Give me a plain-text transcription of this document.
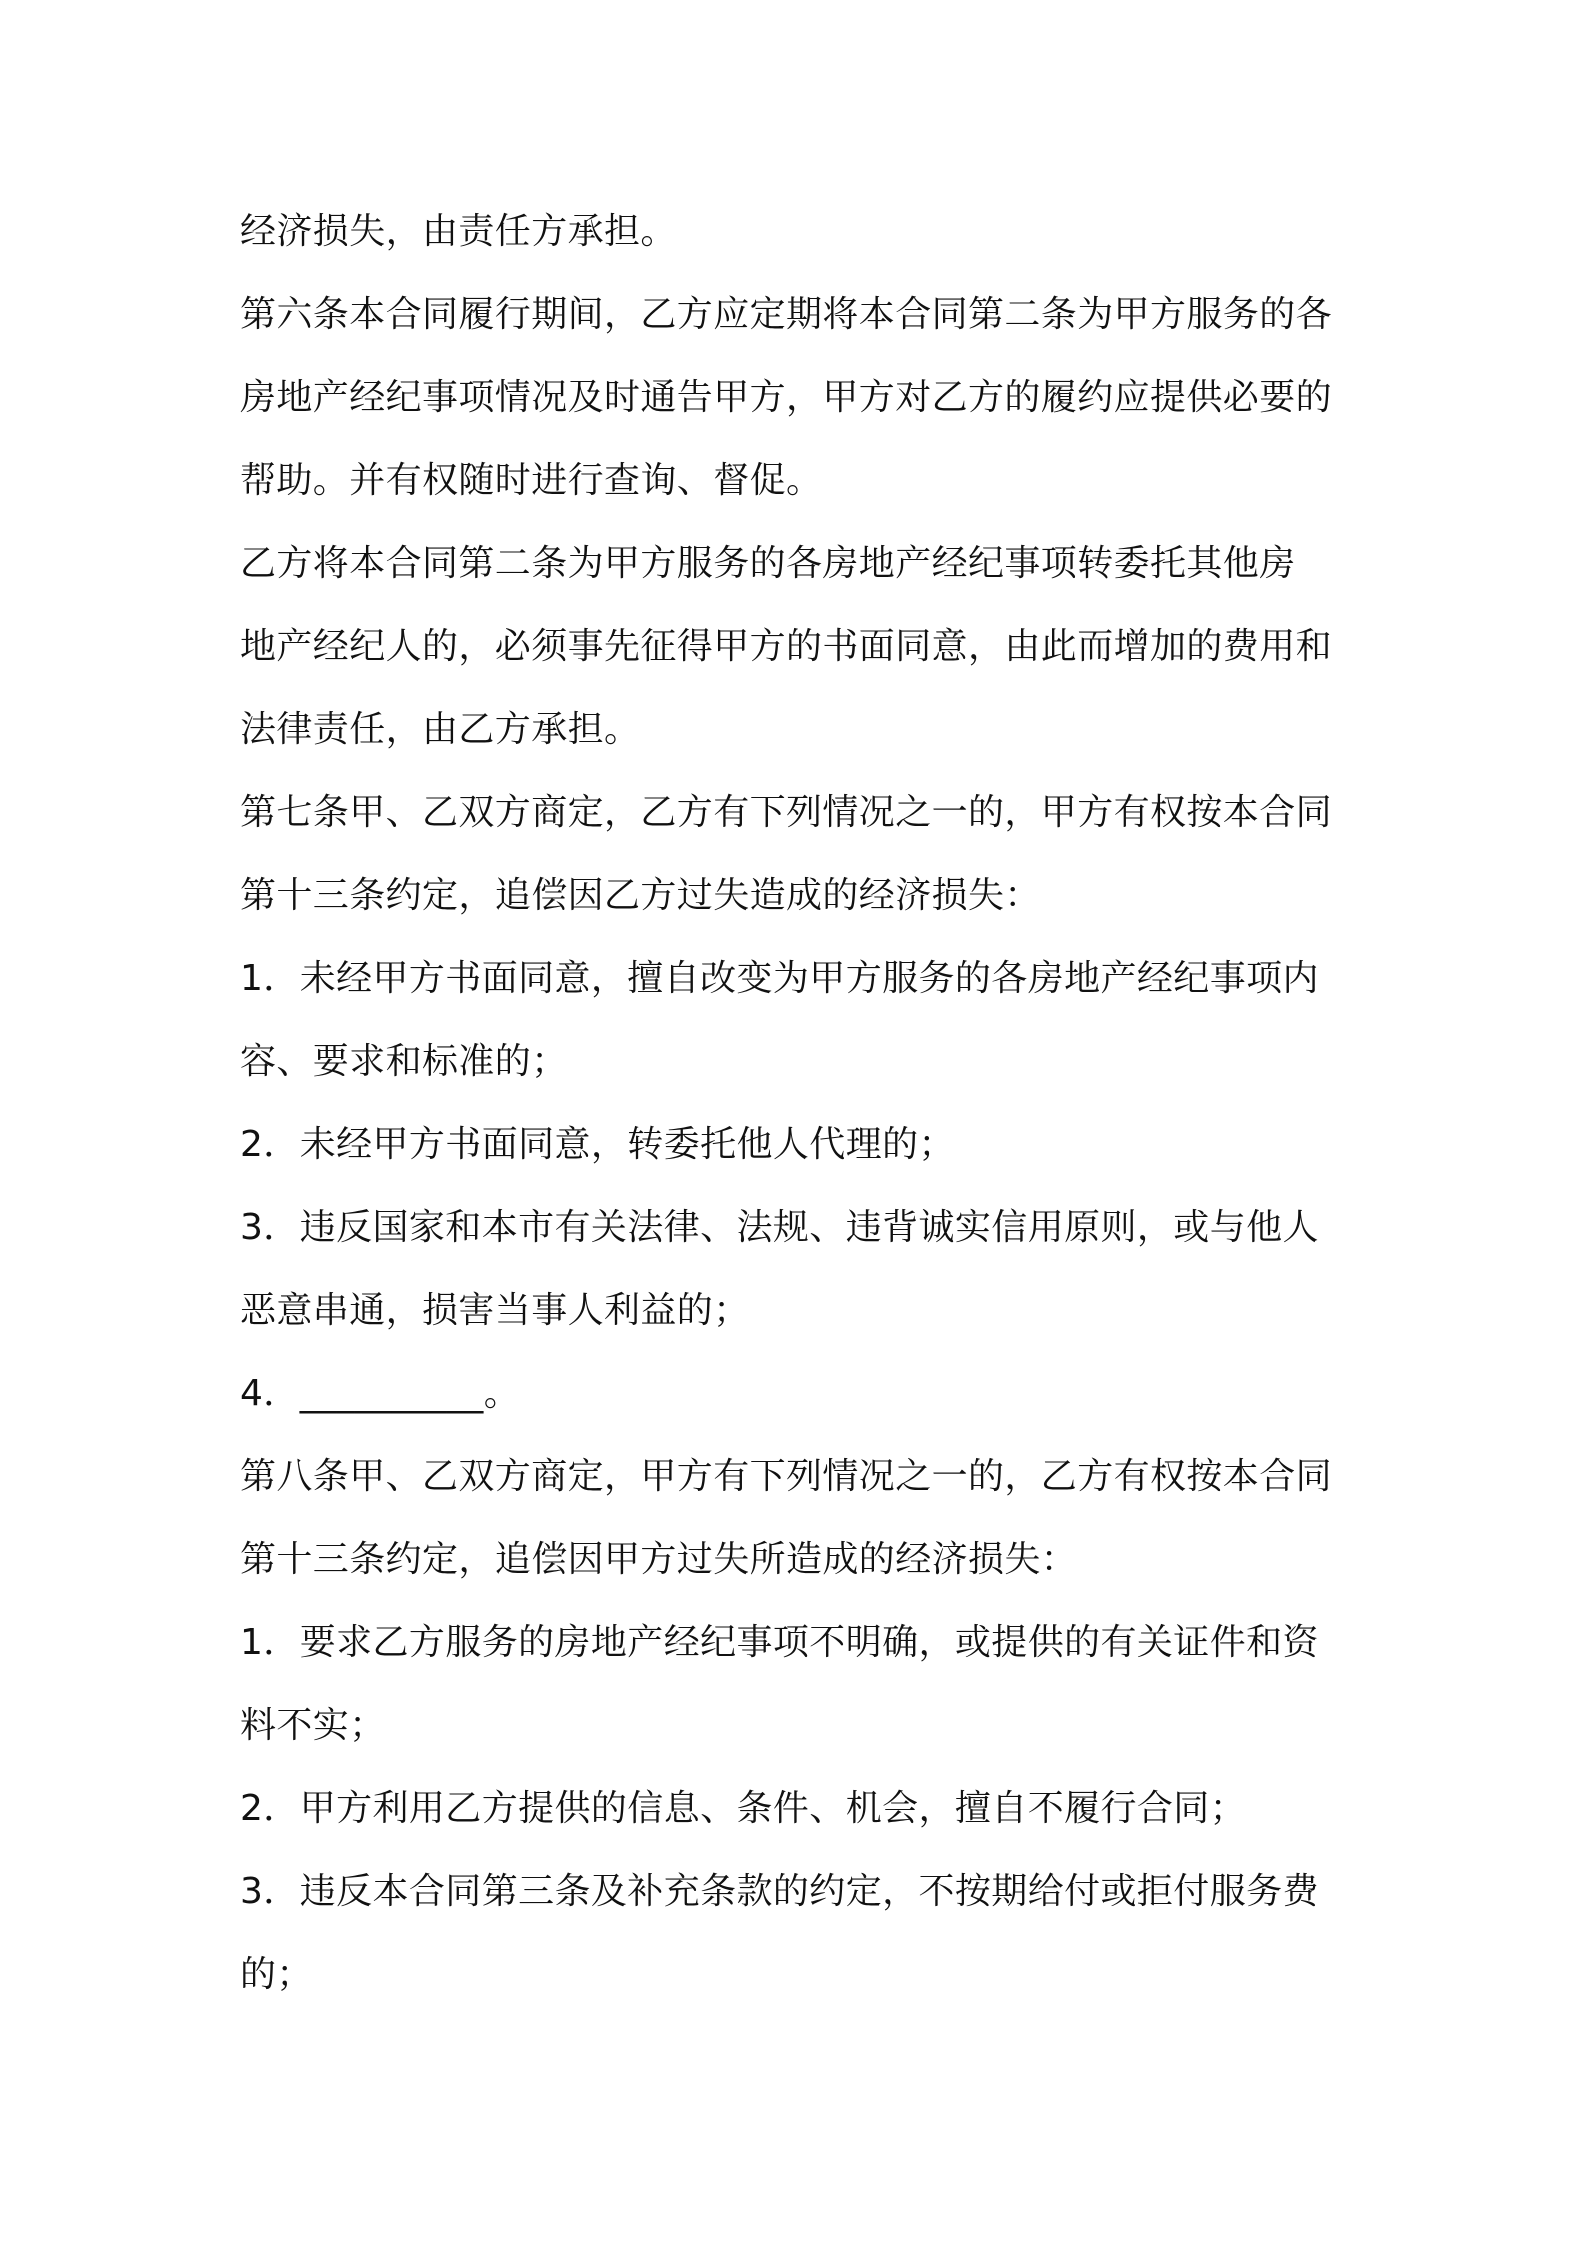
经济损失，由责任方承担。
第六条本合同履行期间，乙方应定期将本合同第二条为甲方服务的各
房地产经纪事项情况及时通告甲方，甲方对乙方的履约应提供必要的
帮助。并有权随时进行查询、督促。
乙方将本合同第二条为甲方服务的各房地产经纪事项转委托其他房
地产经纪人的，必须事先征得甲方的书面同意，由此而增加的费用和
法律责任，由乙方承担。
第七条甲、乙双方商定，乙方有下列情况之一的，甲方有权按本合同
第十三条约定，追偿因乙方过失造成的经济损失：
1．未经甲方书面同意，擅自改变为甲方服务的各房地产经纪事项内
容、要求和标准的；
2．未经甲方书面同意，转委托他人代理的；
3．违反国家和本市有关法律、法规、违背诚实信用原则，或与他人
恶意串通，损害当事人利益的；
4．__________。
第八条甲、乙双方商定，甲方有下列情况之一的，乙方有权按本合同
第十三条约定，追偿因甲方过失所造成的经济损失：
1．要求乙方服务的房地产经纪事项不明确，或提供的有关证件和资
料不实；
2．甲方利用乙方提供的信息、条件、机会，擅自不履行合同；
3．违反本合同第三条及补充条款的约定，不按期给付或拒付服务费
的；
